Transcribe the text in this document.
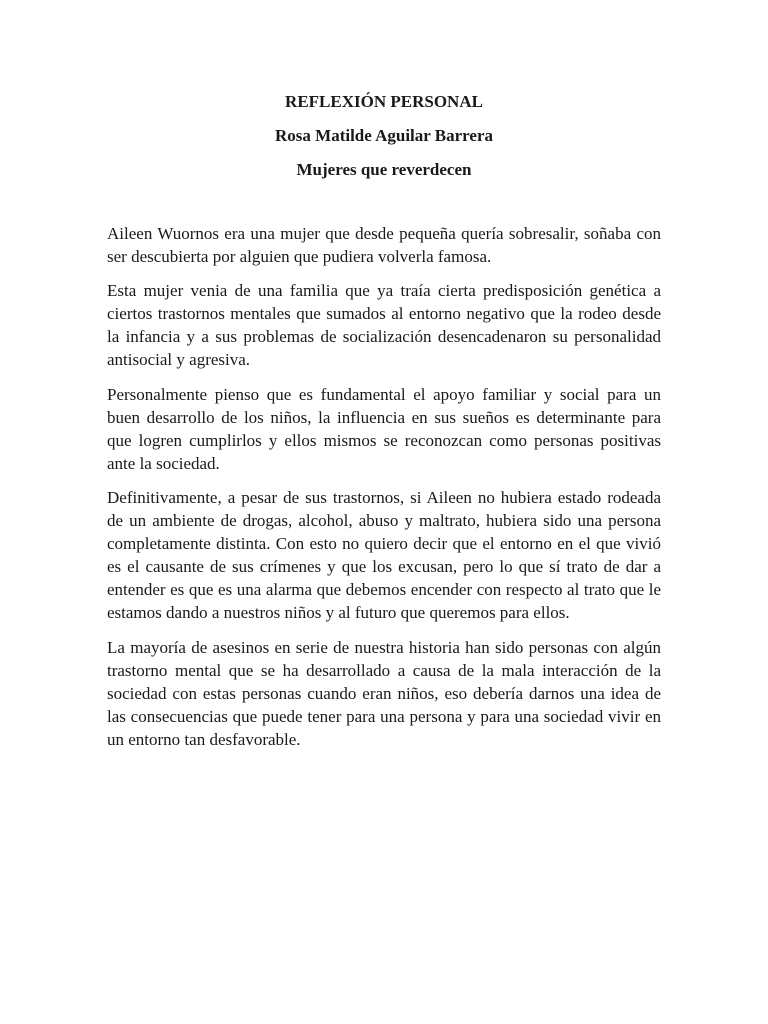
REFLEXIÓN PERSONAL
Rosa Matilde Aguilar Barrera
Mujeres que reverdecen

Aileen Wuornos era una mujer que desde pequeña quería sobresalir, soñaba con ser descubierta por alguien que pudiera volverla famosa.

Esta mujer venia de una familia que ya traía cierta predisposición genética a ciertos trastornos mentales que sumados al entorno negativo que la rodeo desde la infancia y a sus problemas de socialización desencadenaron su personalidad antisocial y agresiva.

Personalmente pienso que es fundamental el apoyo familiar y social para un buen desarrollo de los niños, la influencia en sus sueños es determinante para que logren cumplirlos y ellos mismos se reconozcan como personas positivas ante la sociedad.

Definitivamente, a pesar de sus trastornos, si Aileen no hubiera estado rodeada de un ambiente de drogas, alcohol, abuso y maltrato, hubiera sido una persona completamente distinta. Con esto no quiero decir que el entorno en el que vivió es el causante de sus crímenes y que los excusan, pero lo que sí trato de dar a entender es que es una alarma que debemos encender con respecto al trato que le estamos dando a nuestros niños y al futuro que queremos para ellos.

La mayoría de asesinos en serie de nuestra historia han sido personas con algún trastorno mental que se ha desarrollado a causa de la mala interacción de la sociedad con estas personas cuando eran niños, eso debería darnos una idea de las consecuencias que puede tener para una persona y para una sociedad vivir en un entorno tan desfavorable.
